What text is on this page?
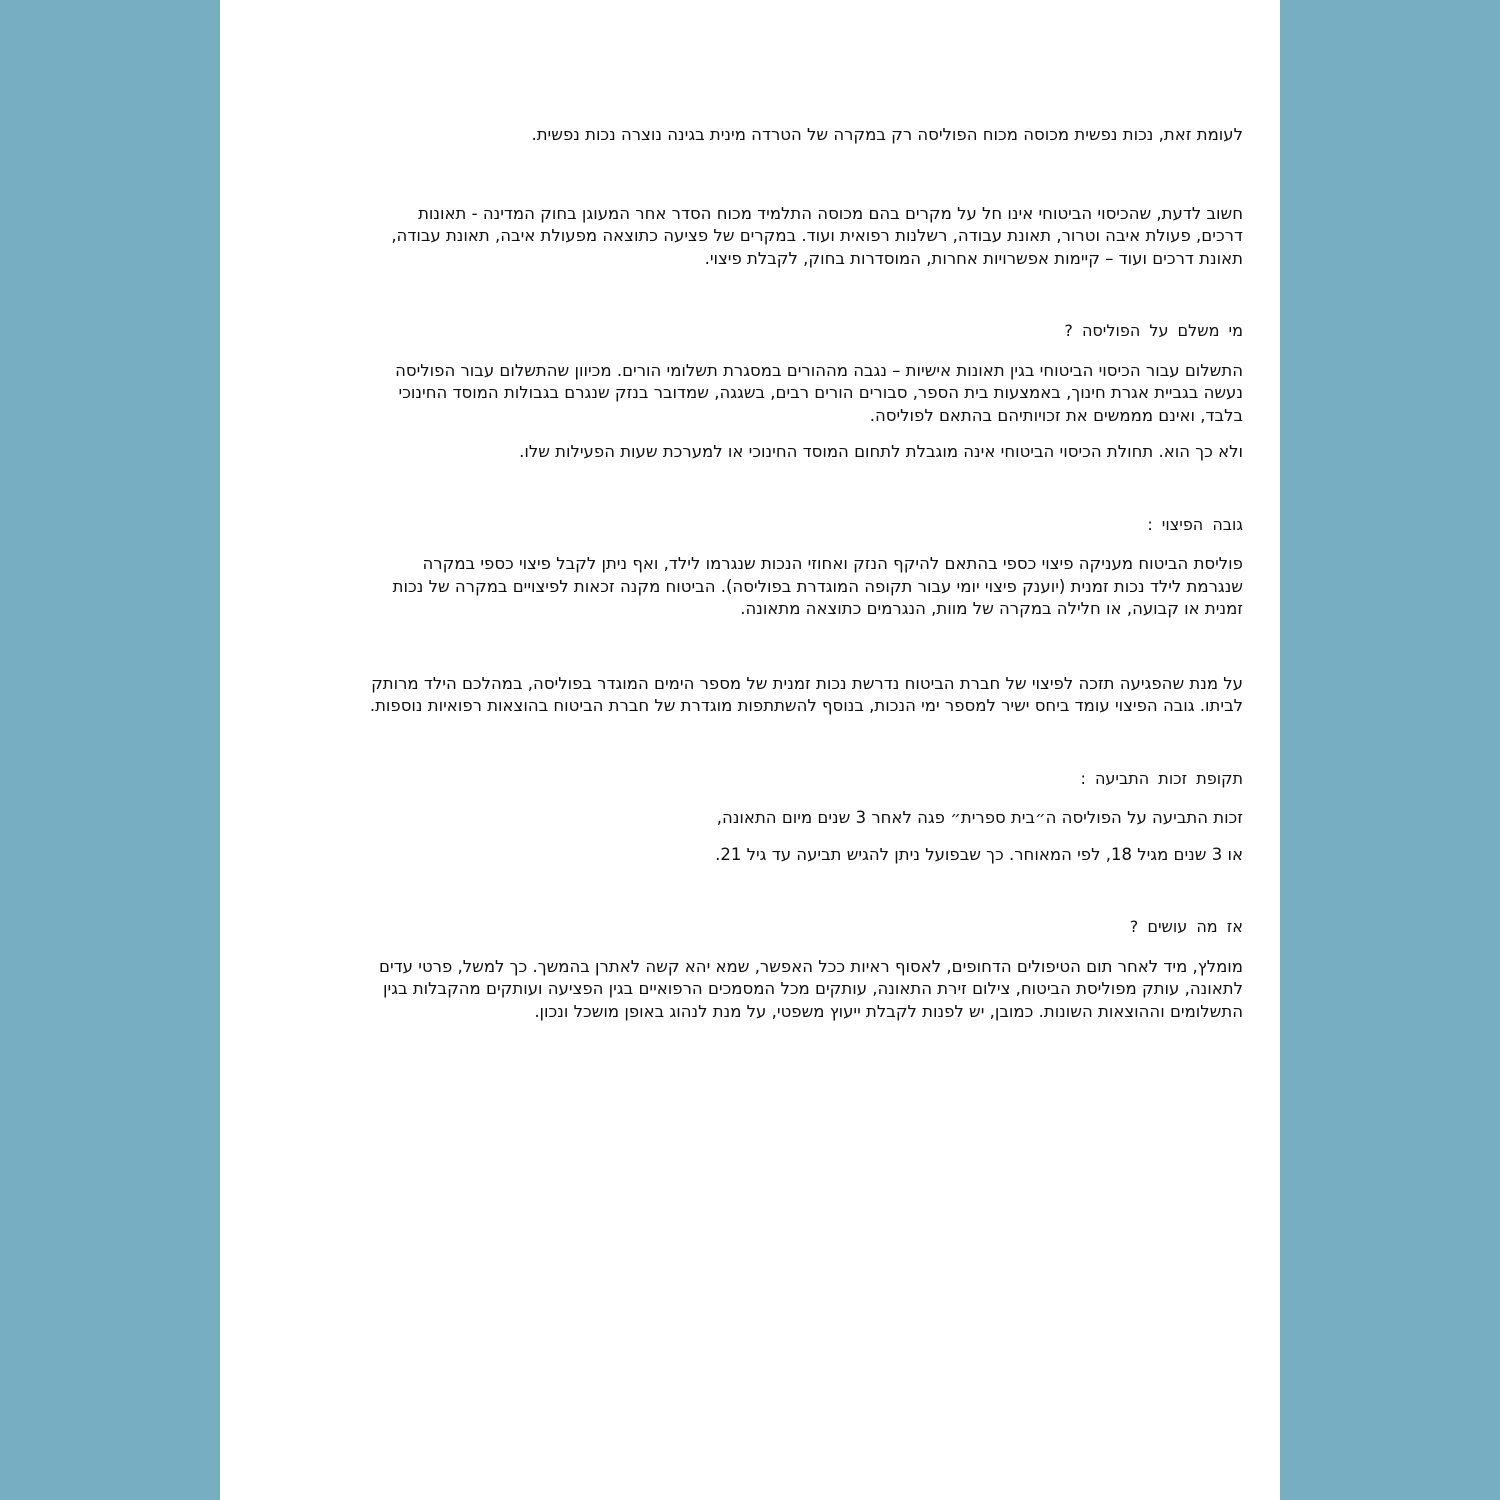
לעומת זאת, נכות נפשית מכוסה מכוח הפוליסה רק במקרה של הטרדה מינית בגינה נוצרה נכות נפשית.

חשוב לדעת, שהכיסוי הביטוחי אינו חל על מקרים בהם מכוסה התלמיד מכוח הסדר אחר המעוגן בחוק המדינה - תאונות דרכים, פעולת איבה וטרור, תאונת עבודה, רשלנות רפואית ועוד. במקרים של פציעה כתוצאה מפעולת איבה, תאונת עבודה, תאונת דרכים ועוד – קיימות אפשרויות אחרות, המוסדרות בחוק, לקבלת פיצוי.

מי משלם על הפוליסה ?

התשלום עבור הכיסוי הביטוחי בגין תאונות אישיות – נגבה מההורים במסגרת תשלומי הורים. מכיוון שהתשלום עבור הפוליסה נעשה בגביית אגרת חינוך, באמצעות בית הספר, סבורים הורים רבים, בשגגה, שמדובר בנזק שנגרם בגבולות המוסד החינוכי בלבד, ואינם מממשים את זכויותיהם בהתאם לפוליסה.

ולא כך הוא. תחולת הכיסוי הביטוחי אינה מוגבלת לתחום המוסד החינוכי או למערכת שעות הפעילות שלו.

גובה הפיצוי :

פוליסת הביטוח מעניקה פיצוי כספי בהתאם להיקף הנזק ואחוזי הנכות שנגרמו לילד, ואף ניתן לקבל פיצוי כספי במקרה שנגרמת לילד נכות זמנית (יוענק פיצוי יומי עבור תקופה המוגדרת בפוליסה). הביטוח מקנה זכאות לפיצויים במקרה של נכות זמנית או קבועה, או חלילה במקרה של מוות, הנגרמים כתוצאה מתאונה.

על מנת שהפגיעה תזכה לפיצוי של חברת הביטוח נדרשת נכות זמנית של מספר הימים המוגדר בפוליסה, במהלכם הילד מרותק לביתו. גובה הפיצוי עומד ביחס ישיר למספר ימי הנכות, בנוסף להשתתפות מוגדרת של חברת הביטוח בהוצאות רפואיות נוספות.

תקופת זכות התביעה :

זכות התביעה על הפוליסה ה״בית ספרית״ פגה לאחר 3 שנים מיום התאונה,

או 3 שנים מגיל 18, לפי המאוחר. כך שבפועל ניתן להגיש תביעה עד גיל 21.

אז מה עושים ?

מומלץ, מיד לאחר תום הטיפולים הדחופים, לאסוף ראיות ככל האפשר, שמא יהא קשה לאתרן בהמשך. כך למשל, פרטי עדים לתאונה, עותק מפוליסת הביטוח, צילום זירת התאונה, עותקים מכל המסמכים הרפואיים בגין הפציעה ועותקים מהקבלות בגין התשלומים וההוצאות השונות. כמובן, יש לפנות לקבלת ייעוץ משפטי, על מנת לנהוג באופן מושכל ונכון.
